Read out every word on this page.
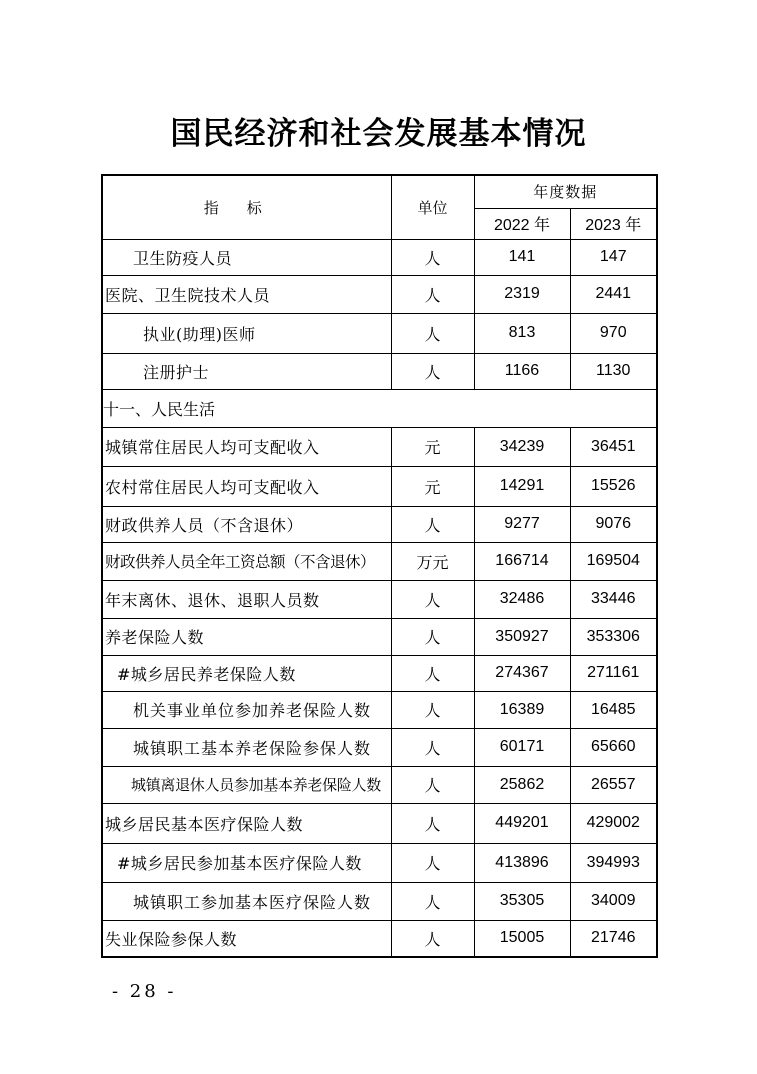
国民经济和社会发展基本情况
指标	单位	年度数据	
		2022 年	2023 年
卫生防疫人员	人	141	147
医院、卫生院技术人员	人	2319	2441
执业(助理)医师	人	813	970
注册护士	人	1166	1130
十一、人民生活			
城镇常住居民人均可支配收入	元	34239	36451
农村常住居民人均可支配收入	元	14291	15526
财政供养人员（不含退休）	人	9277	9076
财政供养人员全年工资总额（不含退休）	万元	166714	169504
年末离休、退休、退职人员数	人	32486	33446
养老保险人数	人	350927	353306
#城乡居民养老保险人数	人	274367	271161
机关事业单位参加养老保险人数	人	16389	16485
城镇职工基本养老保险参保人数	人	60171	65660
城镇离退休人员参加基本养老保险人数	人	25862	26557
城乡居民基本医疗保险人数	人	449201	429002
#城乡居民参加基本医疗保险人数	人	413896	394993
城镇职工参加基本医疗保险人数	人	35305	34009
失业保险参保人数	人	15005	21746
- 28 -
